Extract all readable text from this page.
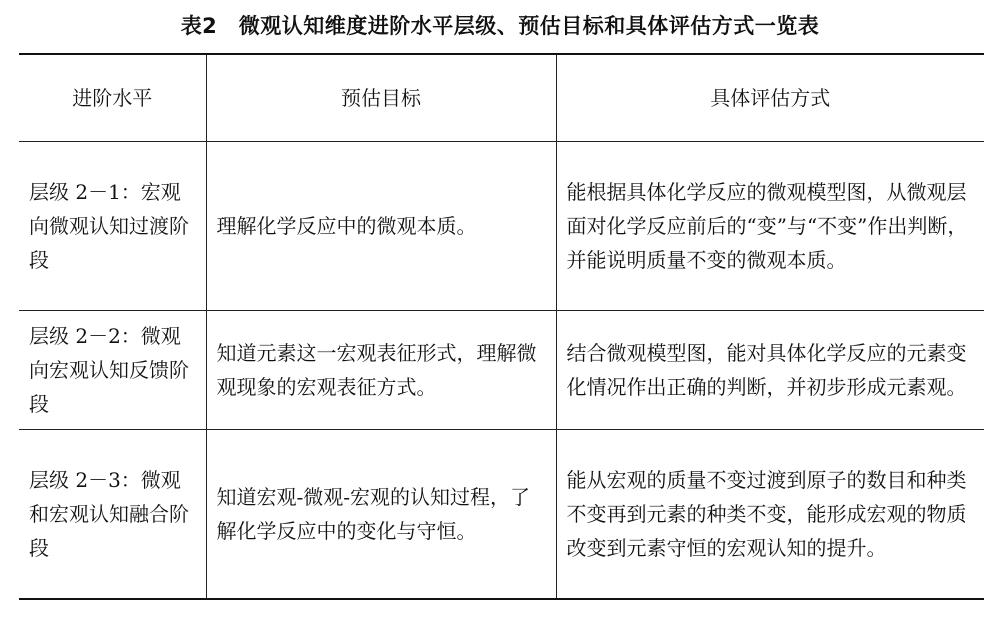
表2　微观认知维度进阶水平层级、预估目标和具体评估方式一览表
进阶水平	预估目标	具体评估方式
层级 2－1：宏观向微观认知过渡阶段	理解化学反应中的微观本质。	能根据具体化学反应的微观模型图，从微观层面对化学反应前后的“变”与“不变”作出判断，并能说明质量不变的微观本质。
层级 2－2：微观向宏观认知反馈阶段	知道元素这一宏观表征形式，理解微观现象的宏观表征方式。	结合微观模型图，能对具体化学反应的元素变化情况作出正确的判断，并初步形成元素观。
层级 2－3：微观和宏观认知融合阶段	知道宏观-微观-宏观的认知过程，了解化学反应中的变化与守恒。	能从宏观的质量不变过渡到原子的数目和种类不变再到元素的种类不变，能形成宏观的物质改变到元素守恒的宏观认知的提升。
